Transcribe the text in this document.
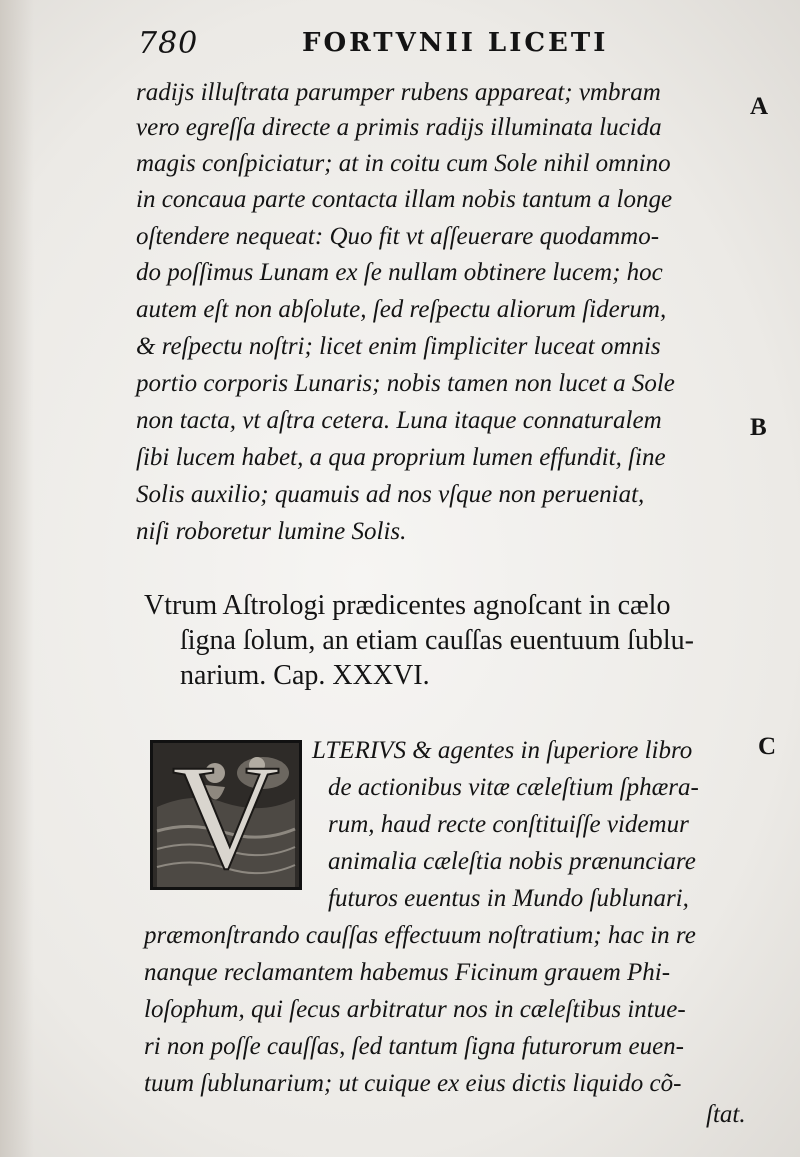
780	FORTVNII LICETI
radijs illuſtrata parumper rubens appareat; vmbram
vero egreſſa directe a primis radijs illuminata lucida
magis conſpiciatur; at in coitu cum Sole nihil omnino
in concaua parte contacta illam nobis tantum a longe
oſtendere nequeat: Quo fit vt aſſeuerare quodammo-
do poſſimus Lunam ex ſe nullam obtinere lucem; hoc
autem eſt non abſolute, ſed reſpectu aliorum ſiderum,
& reſpectu noſtri; licet enim ſimpliciter luceat omnis
portio corporis Lunaris; nobis tamen non lucet a Sole
non tacta, vt aſtra cetera. Luna itaque connaturalem
ſibi lucem habet, a qua proprium lumen effundit, ſine
Solis auxilio; quamuis ad nos vſque non perueniat,
niſi roboretur lumine Solis.
A
B
C
Vtrum Aſtrologi prædicentes agnoſcant in cælo
ſigna ſolum, an etiam cauſſas euentuum ſublu-
narium. Cap. XXXVI.
V LTERIVS & agentes in ſuperiore libro
de actionibus vitæ cæleſtium ſphæra-
rum, haud recte conſtituiſſe videmur
animalia cæleſtia nobis prænunciare
futuros euentus in Mundo ſublunari,
præmonſtrando cauſſas effectuum noſtratium; hac in re
nanque reclamantem habemus Ficinum grauem Phi-
loſophum, qui ſecus arbitratur nos in cæleſtibus intue-
ri non poſſe cauſſas, ſed tantum ſigna futurorum euen-
tuum ſublunarium; ut cuique ex eius dictis liquido cõ-
ſtat.
